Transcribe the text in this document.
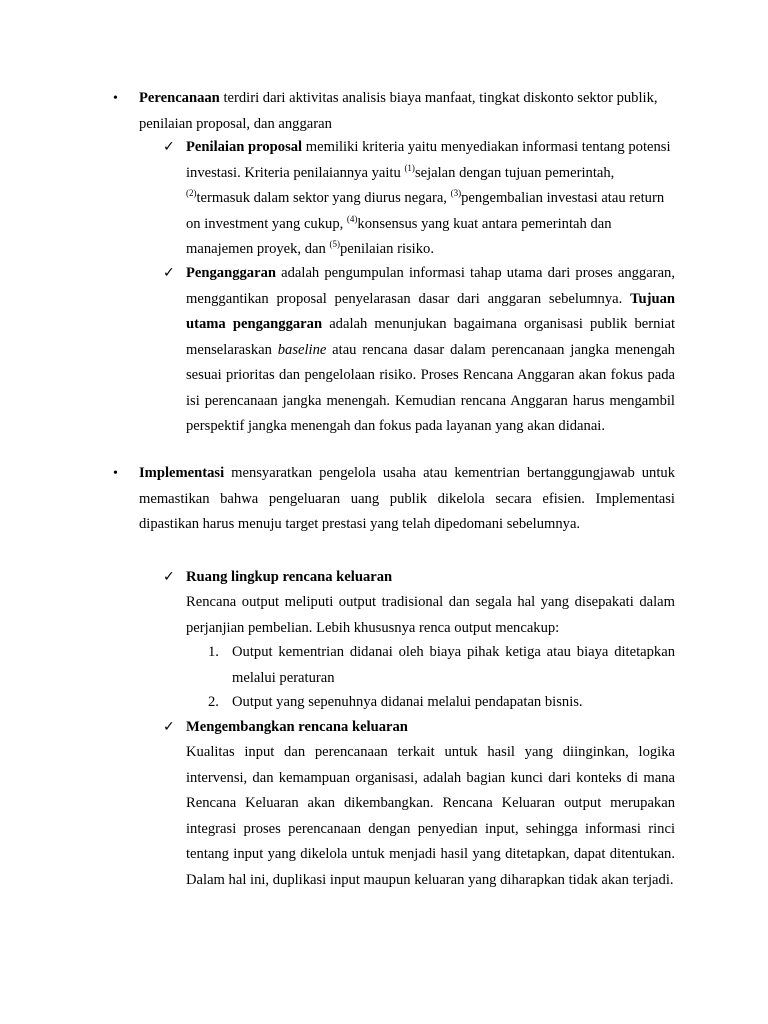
• Perencanaan terdiri dari aktivitas analisis biaya manfaat, tingkat diskonto sektor publik, penilaian proposal, dan anggaran
✓ Penilaian proposal memiliki kriteria yaitu menyediakan informasi tentang potensi investasi. Kriteria penilaiannya yaitu $^{(1)}$sejalan dengan tujuan pemerintah, $^{(2)}$termasuk dalam sektor yang diurus negara, $^{(3)}$pengembalian investasi atau return on investment yang cukup, $^{(4)}$konsensus yang kuat antara pemerintah dan manajemen proyek, dan $^{(5)}$penilaian risiko.
✓ Penganggaran adalah pengumpulan informasi tahap utama dari proses anggaran, menggantikan proposal penyelarasan dasar dari anggaran sebelumnya. Tujuan utama penganggaran adalah menunjukan bagaimana organisasi publik berniat menselaraskan baseline atau rencana dasar dalam perencanaan jangka menengah sesuai prioritas dan pengelolaan risiko. Proses Rencana Anggaran akan fokus pada isi perencanaan jangka menengah. Kemudian rencana Anggaran harus mengambil perspektif jangka menengah dan fokus pada layanan yang akan didanai.
• Implementasi mensyaratkan pengelola usaha atau kementrian bertanggungjawab untuk memastikan bahwa pengeluaran uang publik dikelola secara efisien. Implementasi dipastikan harus menuju target prestasi yang telah dipedomani sebelumnya.
✓ Ruang lingkup rencana keluaran
Rencana output meliputi output tradisional dan segala hal yang disepakati dalam perjanjian pembelian. Lebih khususnya renca output mencakup:
1. Output kementrian didanai oleh biaya pihak ketiga atau biaya ditetapkan melalui peraturan
2. Output yang sepenuhnya didanai melalui pendapatan bisnis.
✓ Mengembangkan rencana keluaran
Kualitas input dan perencanaan terkait untuk hasil yang diinginkan, logika intervensi, dan kemampuan organisasi, adalah bagian kunci dari konteks di mana Rencana Keluaran akan dikembangkan. Rencana Keluaran output merupakan integrasi proses perencanaan dengan penyedian input, sehingga informasi rinci tentang input yang dikelola untuk menjadi hasil yang ditetapkan, dapat ditentukan. Dalam hal ini, duplikasi input maupun keluaran yang diharapkan tidak akan terjadi.
